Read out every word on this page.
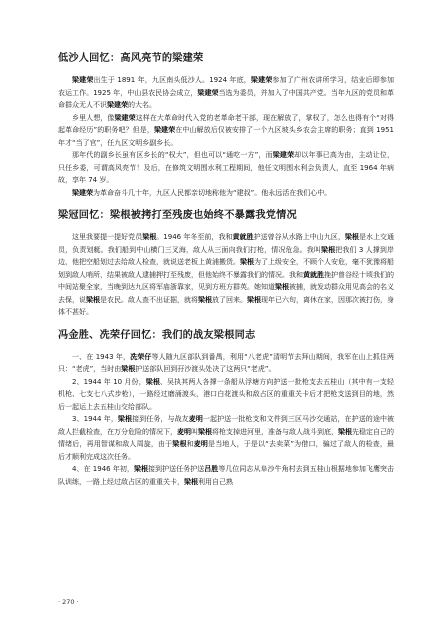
低沙人回忆：高风亮节的梁建荣

梁建荣出生于 1891 年，九区南头低沙人。1924 年底，梁建荣参加了广州农讲所学习，结业后即参加农运工作。1925 年，中山县农民协会成立，梁建荣当选为委员，并加入了中国共产党。当年九区的党员和革命群众无人不识梁建荣的大名。

乡里人想，像梁建荣这样在大革命时代入党的老革命老干部，现在解放了，掌权了，怎么也得有个“对得起革命经历”的职务吧？但是，梁建荣在中山解放后仅被安排了一个九区坡头乡农会主席的职务；直到 1951 年才“当了官”，任九区文明乡副乡长。

那年代的副乡长虽有区乡长的“权大”，但也可以“通吃一方”，而梁建荣却以年事已高为由，主动让位，只任乡委，可谓高风亮节！及后，在修筑文明围水利工程期间，他任文明围水利会负责人，直至 1964 年病故，享年 74 岁。

梁建荣为革命奋斗几十年，九区人民都亲切地称他为“建叔”。他永远活在我们心中。

梁冠回忆：梁根被拷打至残废也始终不暴露我党情况

这里我要提一提好党员梁根。1946 年冬至前，我和黄就胜护送曾谷从水路上中山九区，梁根是水上交通员，负责划艇。我们船到中山横门三叉海，敌人从三面向我们打枪，情况危急。我叫梁根把我们 3 人撑到岸边，他把空船划过去给敌人检查，就说送老板上黄浦搬货。梁根为了上级安全，不顾个人安危，毫不犹豫将船划到敌人哨所，结果被敌人逮捕押打至残废，但他始终不暴露我们的情况。我和黄就胜挽护曾谷经十顷我们的中间站聚全家，当晚到达九区将军庙浙靠家，见到方班方群英。她知道梁根被捕，就发动群众用见高会的名义去保，说梁根是农民。敌人查不出证据，就将梁根放了回来。梁根现年已六旬，离休在家，因那次被打伤，身体不甚好。

冯金胜、冼荣仔回忆：我们的战友梁根同志

一、在 1943 年，冼荣仔等人随九区部队到番禺，利用“八老虎”清明节去拜山期间，我军在山上抓住两只：“老虎”，当时由梁根护送部队回到孖沙渡头处决了这两只“老虎”。

2、1944 年 10 月份，梁根、吴执其两人各撑一条船从浮塘方向护送一批枪支去五桂山（其中有一支轻机枪、七支七八式步枪），一路经过磨涌渡头，港口白花渡头和敌占区的重重关卡后才把枪支送到目的地，然后一起运上去五桂山交给部队。

3、1944 年，梁根接到任务，与战友麦明一起护送一批枪支和文件到三区马沙交通站，在护送的途中被敌人拦截检查，在万分危险的情况下，麦明叫梁根将枪支掉进河里，准备与敌人战斗到底，梁根先稳定自己的情绪后，再用智谋和敌人周旋，由于梁根和麦明是当地人，于是以“去卖菜”为借口，骗过了敌人的检查，最后才顺利完成这次任务。

4、在 1946 年初，梁根接到护送任务护送吕胜等几位同志从阜沙牛角村去到五桂山根据地参加飞鹰突击队训练，一路上经过敌占区的重重关卡，梁根利用自己熟

· 270 ·
